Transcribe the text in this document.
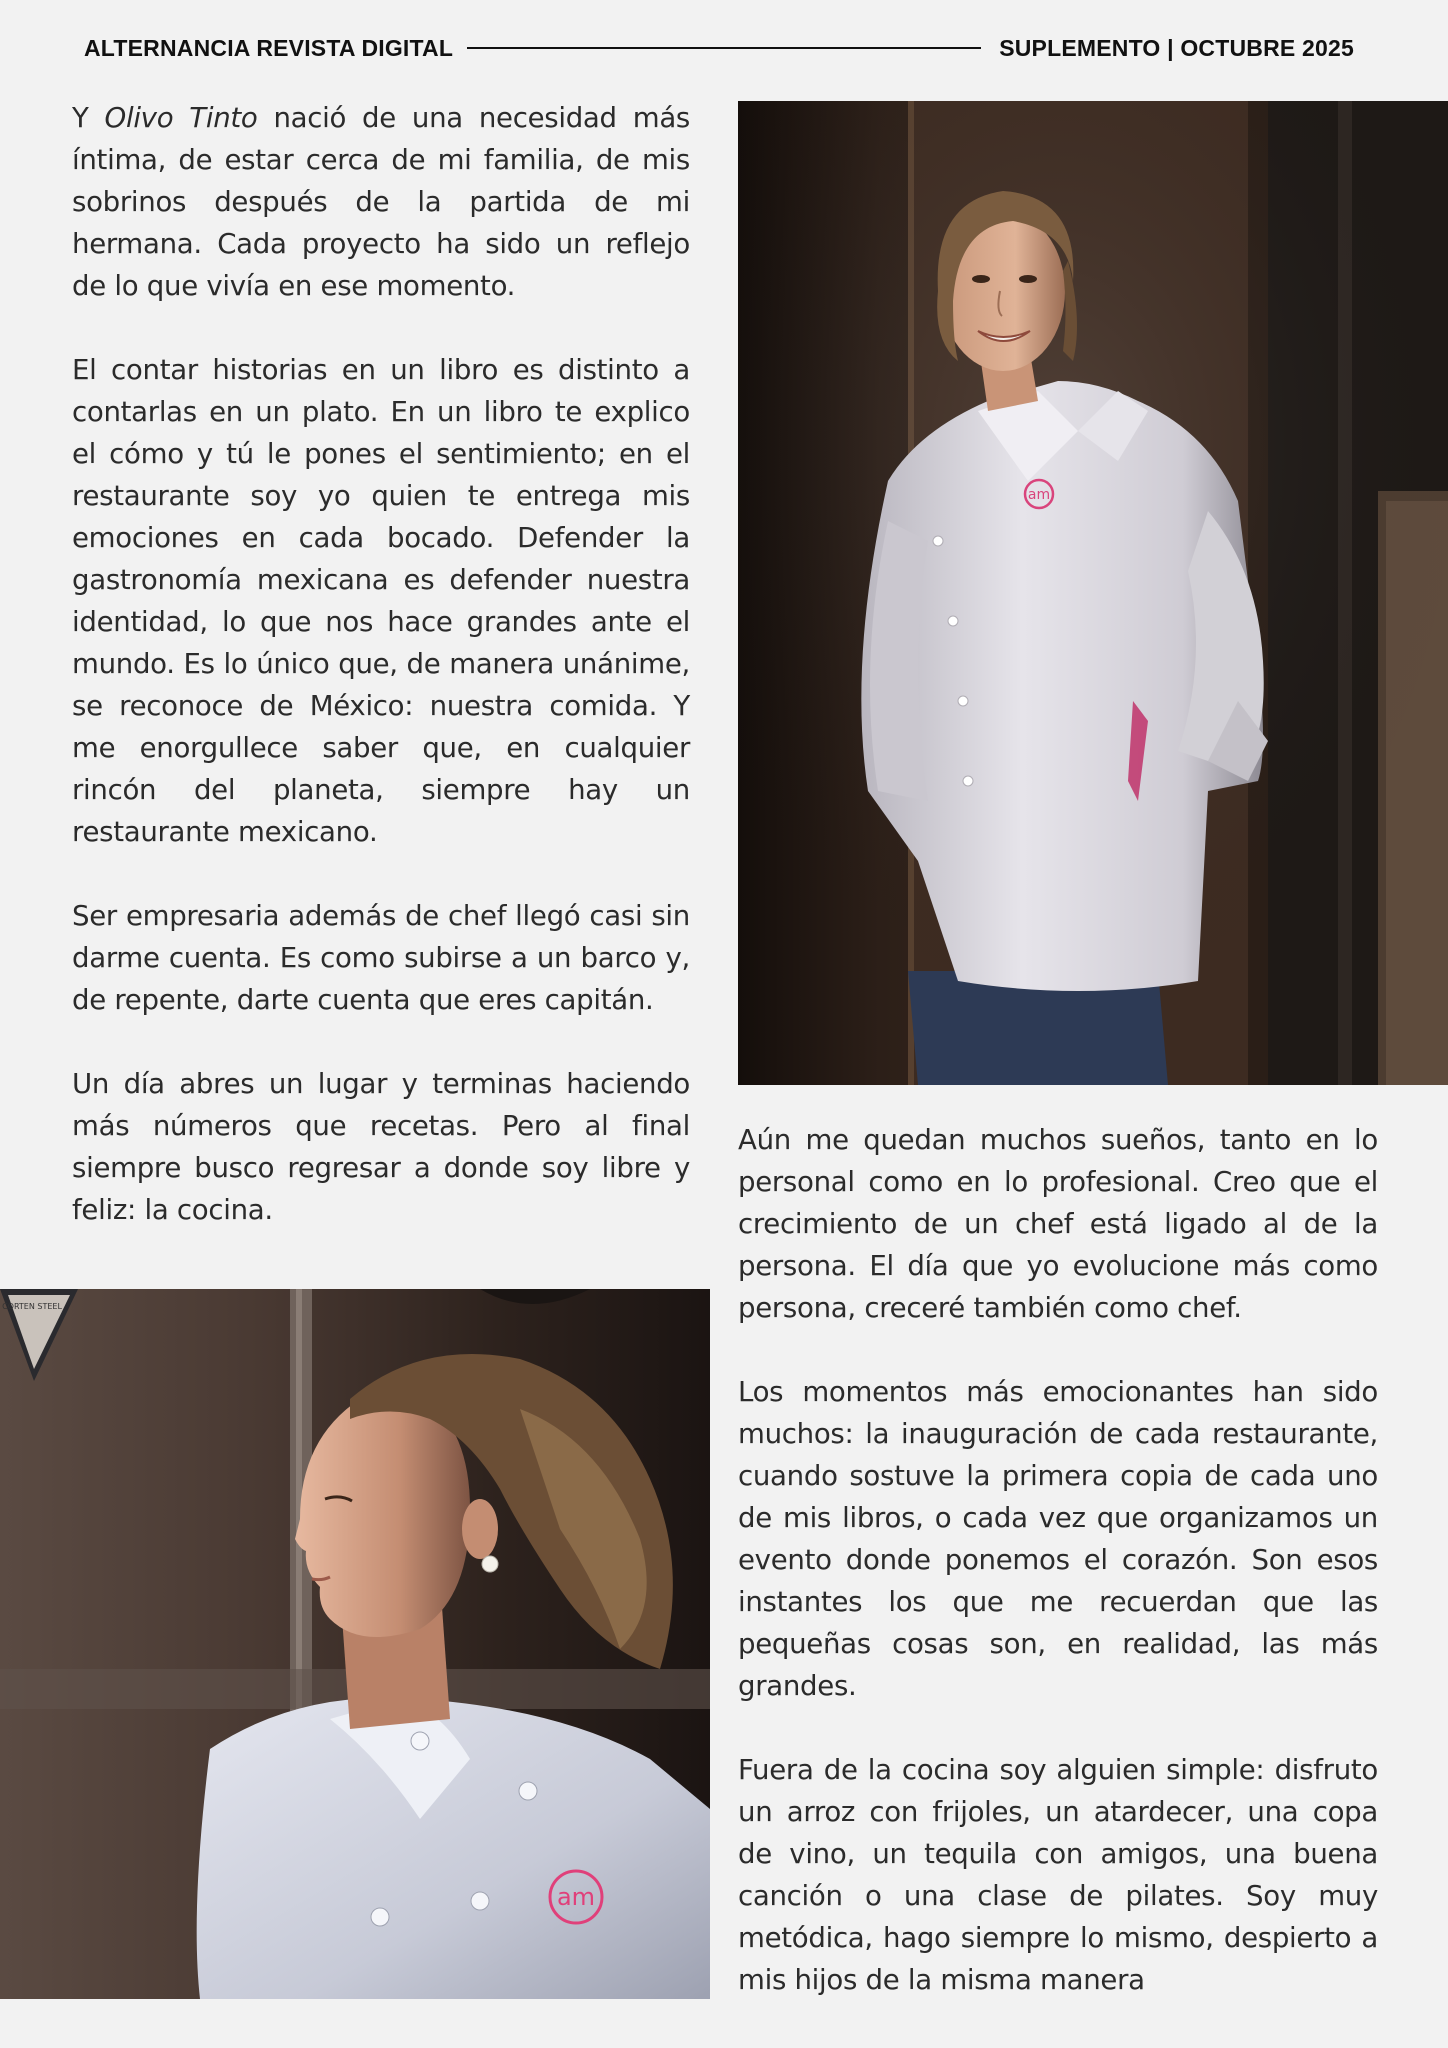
ALTERNANCIA REVISTA DIGITAL	SUPLEMENTO | OCTUBRE 2025

Y Olivo Tinto nació de una necesidad más íntima, de estar cerca de mi familia, de mis sobrinos después de la partida de mi hermana. Cada proyecto ha sido un reflejo de lo que vivía en ese momento.

El contar historias en un libro es distinto a contarlas en un plato. En un libro te explico el cómo y tú le pones el sentimiento; en el restaurante soy yo quien te entrega mis emociones en cada bocado. Defender la gastronomía mexicana es defender nuestra identidad, lo que nos hace grandes ante el mundo. Es lo único que, de manera unánime, se reconoce de México: nuestra comida. Y me enorgullece saber que, en cualquier rincón del planeta, siempre hay un restaurante mexicano.

Ser empresaria además de chef llegó casi sin darme cuenta. Es como subirse a un barco y, de repente, darte cuenta que eres capitán.

Un día abres un lugar y terminas haciendo más números que recetas. Pero al final siempre busco regresar a donde soy libre y feliz: la cocina.

am

Aún me quedan muchos sueños, tanto en lo personal como en lo profesional. Creo que el crecimiento de un chef está ligado al de la persona. El día que yo evolucione más como persona, creceré también como chef.

Los momentos más emocionantes han sido muchos: la inauguración de cada restaurante, cuando sostuve la primera copia de cada uno de mis libros, o cada vez que organizamos un evento donde ponemos el corazón. Son esos instantes los que me recuerdan que las pequeñas cosas son, en realidad, las más grandes.

Fuera de la cocina soy alguien simple: disfruto un arroz con frijoles, un atardecer, una copa de vino, un tequila con amigos, una buena canción o una clase de pilates. Soy muy metódica, hago siempre lo mismo, despierto a mis hijos de la misma manera

CORTEN STEEL
am
